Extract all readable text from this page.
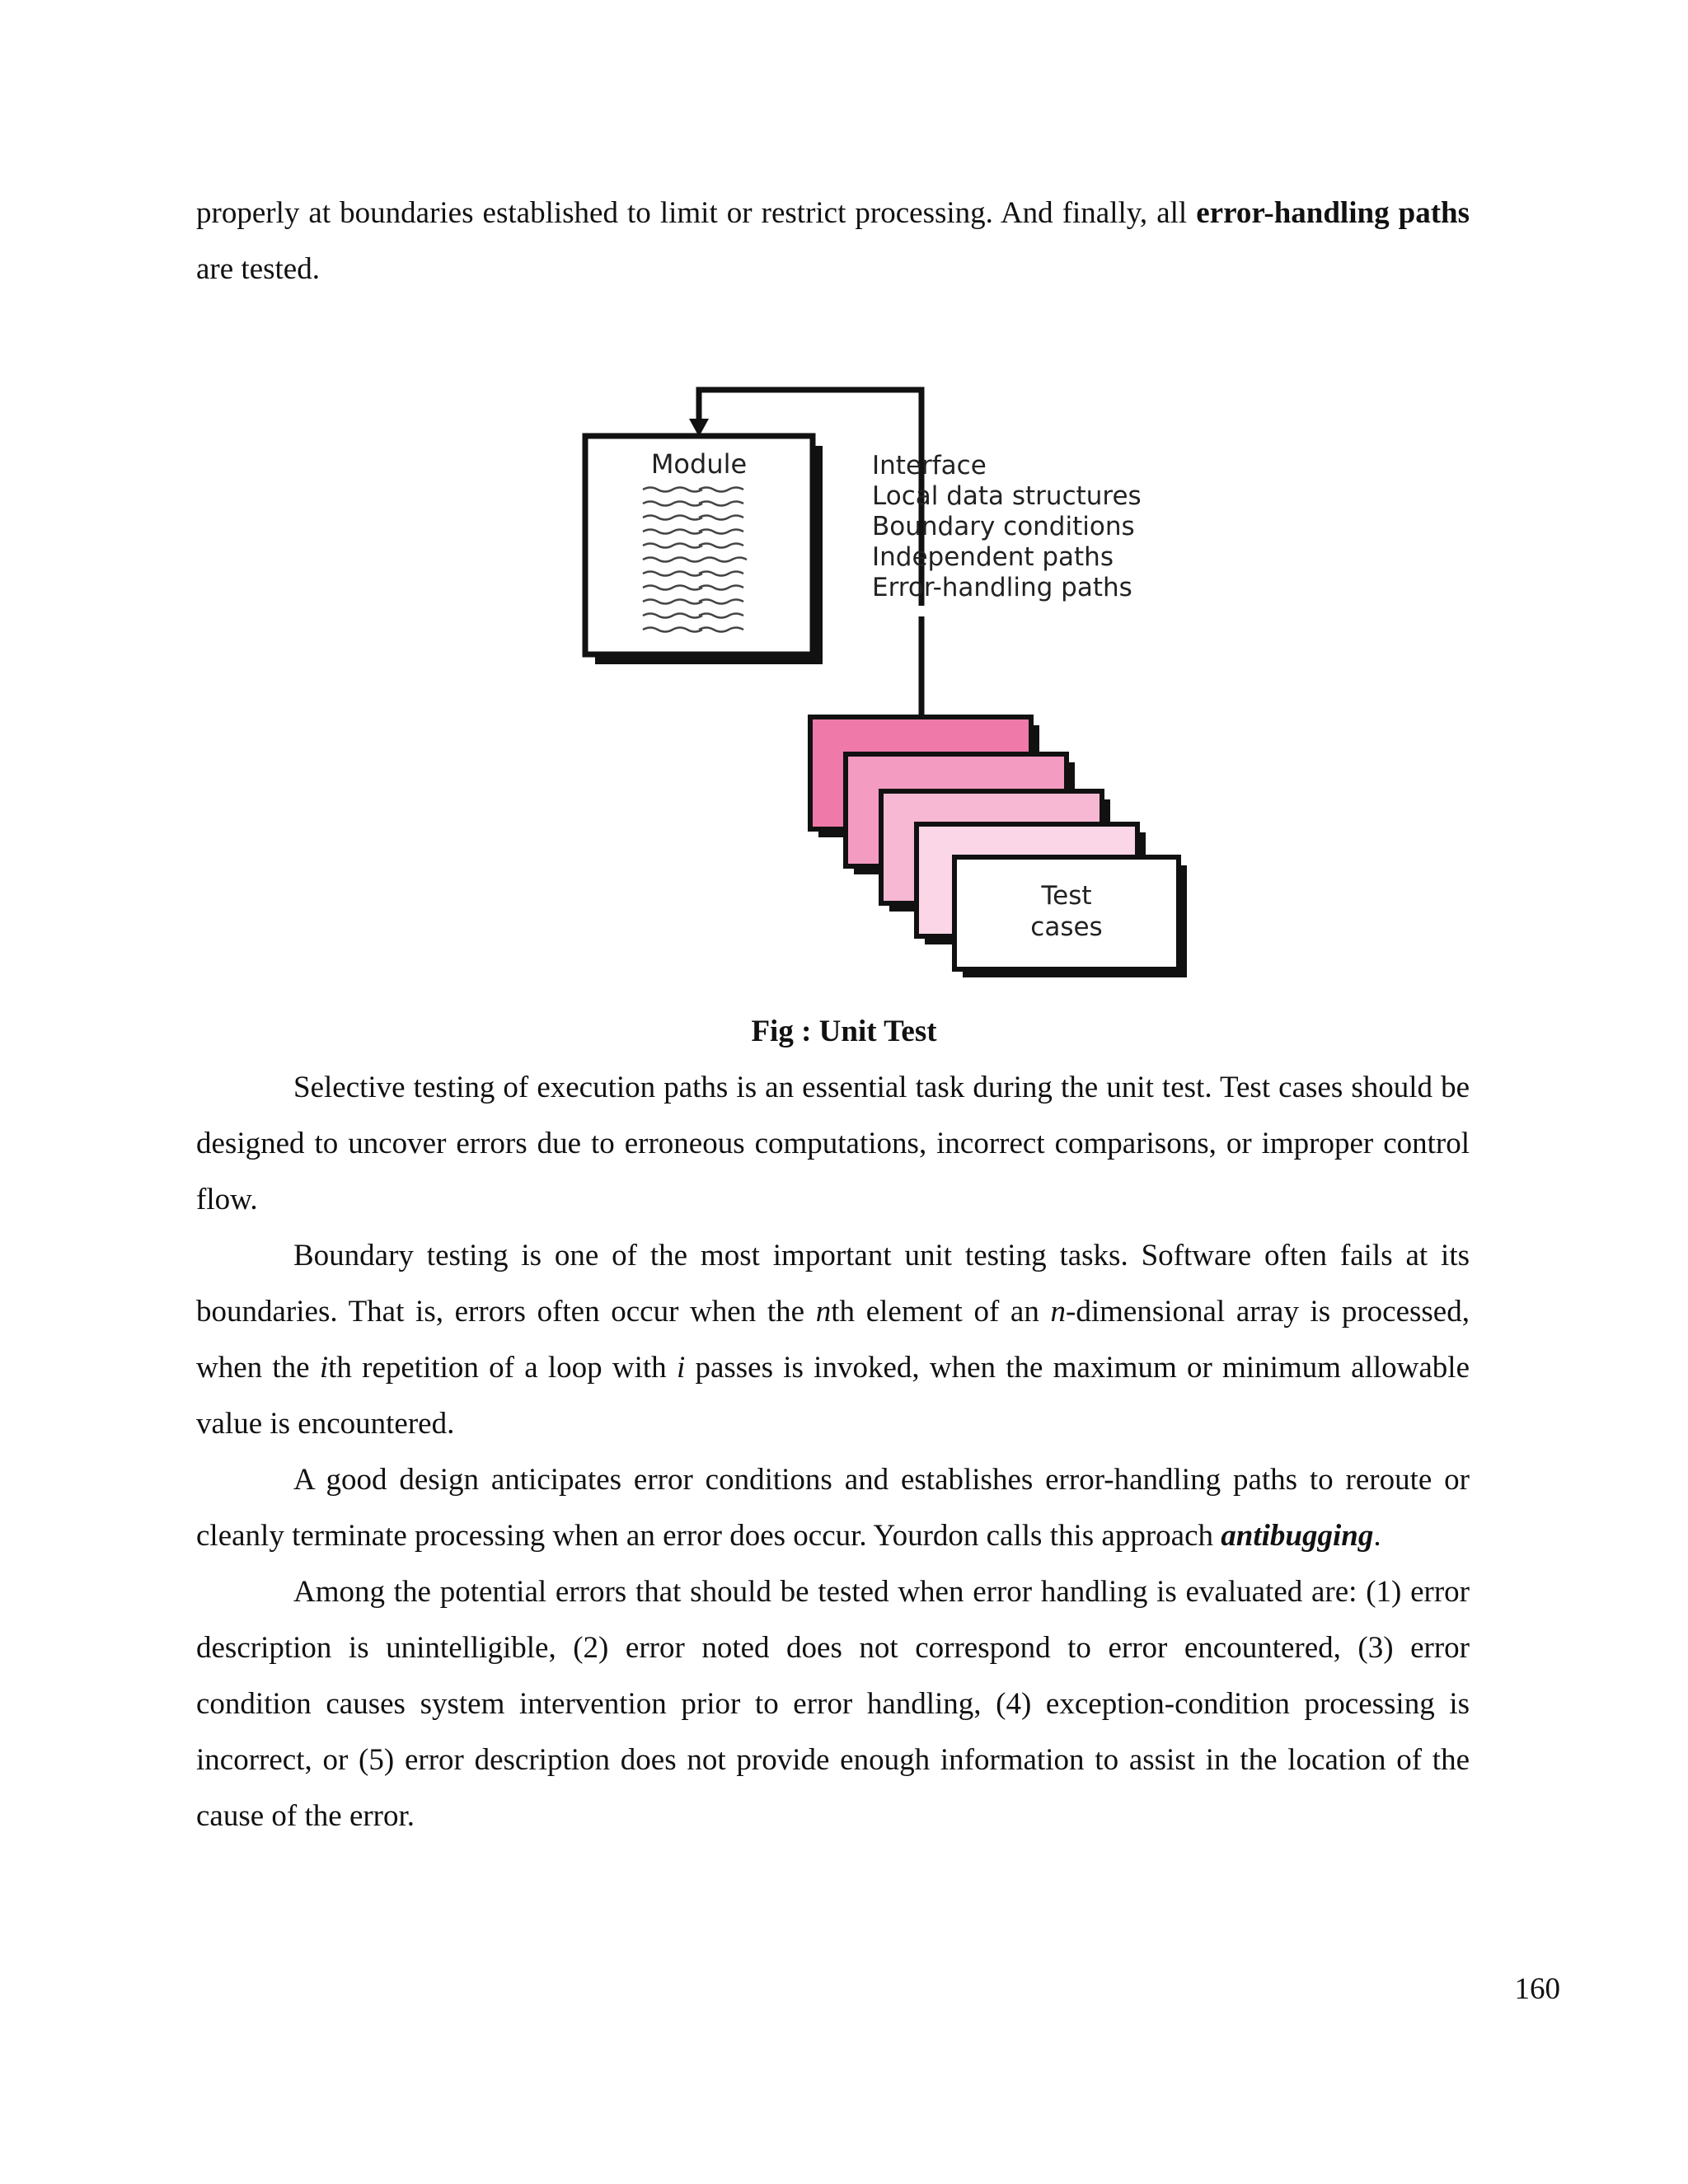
properly at boundaries established to limit or restrict processing. And finally, all error-handling paths are tested.

Module	Interface
Local data structures
Boundary conditions
Independent paths
Error-handling paths
Test
cases
Fig : Unit Test

Selective testing of execution paths is an essential task during the unit test. Test cases should be designed to uncover errors due to erroneous computations, incorrect comparisons, or improper control flow.

Boundary testing is one of the most important unit testing tasks. Software often fails at its boundaries. That is, errors often occur when the nth element of an n-dimensional array is processed, when the ith repetition of a loop with i passes is invoked, when the maximum or minimum allowable value is encountered.

A good design anticipates error conditions and establishes error-handling paths to reroute or cleanly terminate processing when an error does occur. Yourdon calls this approach antibugging.

Among the potential errors that should be tested when error handling is evaluated are: (1) error description is unintelligible, (2) error noted does not correspond to error encountered, (3) error condition causes system intervention prior to error handling, (4) exception-condition processing is incorrect, or (5) error description does not provide enough information to assist in the location of the cause of the error.

160
